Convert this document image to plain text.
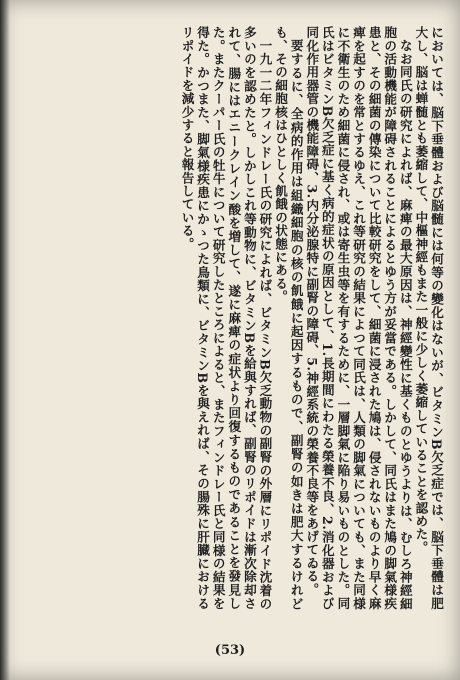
においては、脳下垂體および脳髄には何等の變化はないが、ビタミンB欠乏症では、脳下垂體は肥大し、脳は蝉髄とも萎縮して、中樞神經もまた一般に少しく萎縮していることを認めた。

なお同氏の研究によれば、麻痺の最大原因は、神經變性に基くものとゆうよりは、むしろ神經細胞の活動機能が障碍されることによるとゆう方が妥當である。しかして、同氏はまた鳩の脚氣様疾患と、その細菌の傳染について比較研究をして、細菌に浸された鳩は、侵されないものより早く麻痺を起すのを常とするゆえ、これ等研究の結果によつて同氏は、人類の脚氣についても、また同様に不衛生のため細菌に侵され、或は寄生虫等を有するために、一層脚氣に陥り易いものとした。同氏はビタミンB欠乏症に基く病的症状の原因として、1.長期間にわたる榮養不良、2.消化器および同化作用器管の機能障碍、3.内分泌腺特に副腎の障碍、5.神經系統の榮養不良等をあげてゐる。

要するに、全病的作用は組織細胞の核の飢餓に起因するもので、副腎の如きは肥大するけれども、その細胞核はひとしく飢餓の状態にある。

一九一二年フィンドレー氏の研究によれば、ビタミンB欠乏動物の副腎の外層にリポイド沈着の多いのを認めたと。しかしこれ等動物に、ビタミンBを給與すれば、副腎のリポイドは漸次除却されて、腸にはエニークレイン酸を増して、遂に麻痺の症状より回復するものであることを發見した。またクーパー氏の牡牛について研究したところによると、またフィンドレー氏と同様の結果を得た。かつまた、脚氣様疾患にかゝつた鳥類に、ビタミンBを與えれば、その腸殊に肝臓におけるリポイドを減少すると報告している。

(53)
